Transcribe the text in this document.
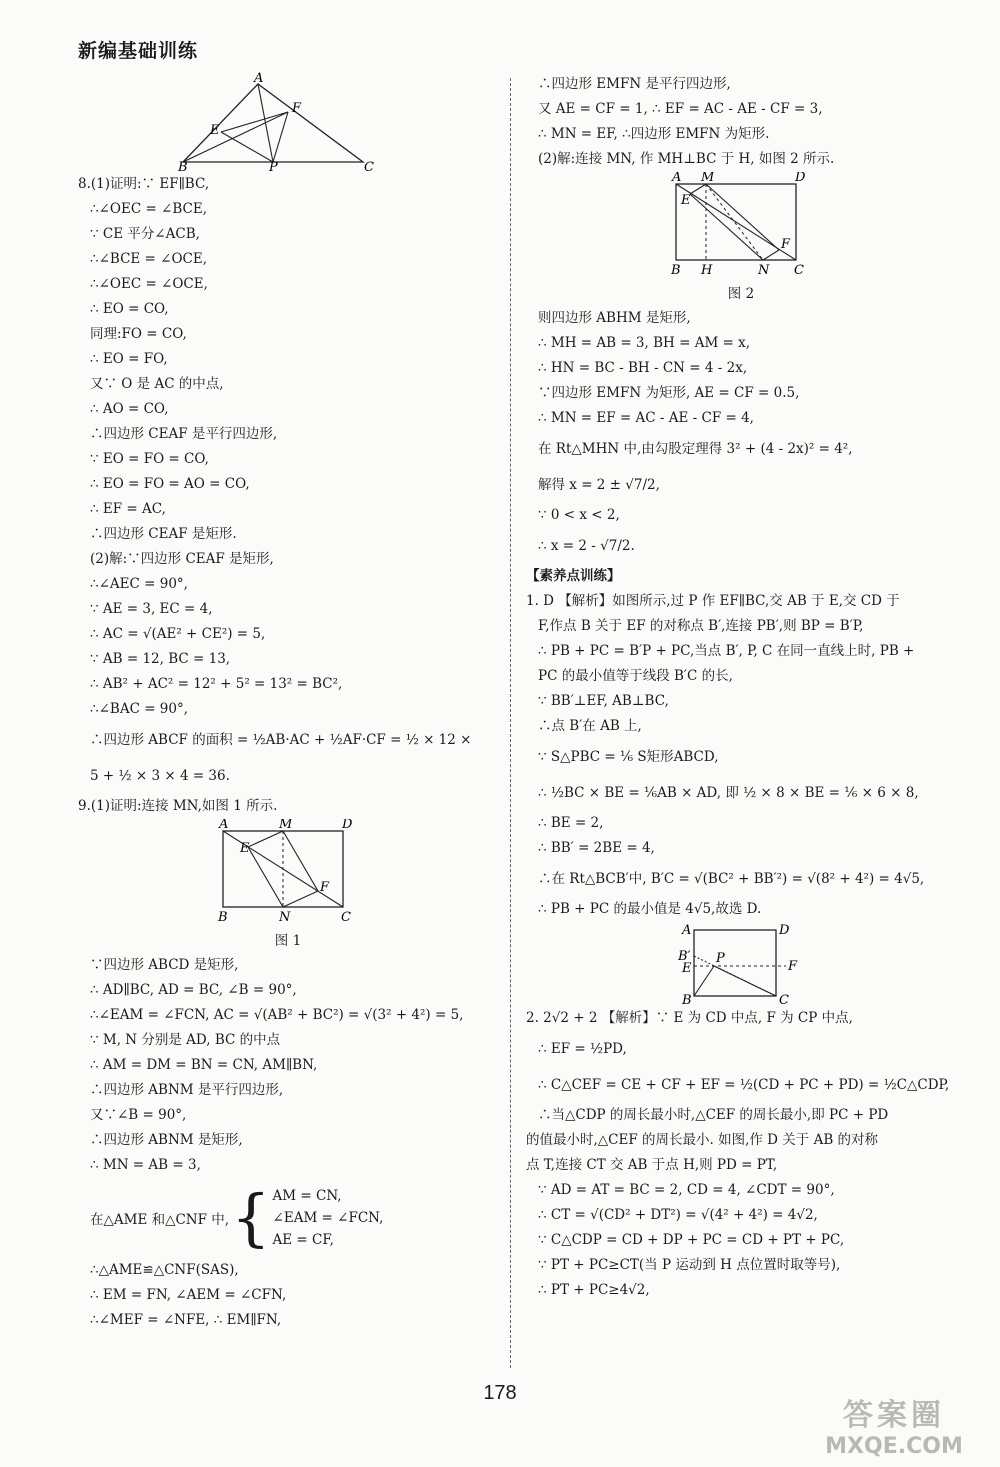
新编基础训练
A
F
E
B	P	C
8.(1)证明:∵ EF∥BC,
∴∠OEC = ∠BCE,
∵ CE 平分∠ACB,
∴∠BCE = ∠OCE,
∴∠OEC = ∠OCE,
∴ EO = CO,
同理:FO = CO,
∴ EO = FO,
又∵ O 是 AC 的中点,
∴ AO = CO,
∴四边形 CEAF 是平行四边形,
∵ EO = FO = CO,
∴ EO = FO = AO = CO,
∴ EF = AC,
∴四边形 CEAF 是矩形.
(2)解:∵四边形 CEAF 是矩形,
∴∠AEC = 90°,
∵ AE = 3, EC = 4,
∴ AC = √(AE² + CE²) = 5,
∵ AB = 12, BC = 13,
∴ AB² + AC² = 12² + 5² = 13² = BC²,
∴∠BAC = 90°,
∴四边形 ABCF 的面积 = ½AB·AC + ½AF·CF = ½ × 12 ×
5 + ½ × 3 × 4 = 36.
9.(1)证明:连接 MN,如图 1 所示.
A	M	D
E
F
B	N	C
图 1
∵四边形 ABCD 是矩形,
∴ AD∥BC, AD = BC, ∠B = 90°,
∴∠EAM = ∠FCN, AC = √(AB² + BC²) = √(3² + 4²) = 5,
∵ M, N 分别是 AD, BC 的中点
∴ AM = DM = BN = CN, AM∥BN,
∴四边形 ABNM 是平行四边形,
又∵∠B = 90°,
∴四边形 ABNM 是矩形,
∴ MN = AB = 3,
在△AME 和△CNF 中, { AM = CN,
∠EAM = ∠FCN,
AE = CF,
∴△AME≌△CNF(SAS),
∴ EM = FN, ∠AEM = ∠CFN,
∴∠MEF = ∠NFE, ∴ EM∥FN,
∴四边形 EMFN 是平行四边形,
又 AE = CF = 1, ∴ EF = AC - AE - CF = 3,
∴ MN = EF, ∴四边形 EMFN 为矩形.
(2)解:连接 MN, 作 MH⊥BC 于 H, 如图 2 所示.
A M	D
E
F
B H	N C
图 2
则四边形 ABHM 是矩形,
∴ MH = AB = 3, BH = AM = x,
∴ HN = BC - BH - CN = 4 - 2x,
∵四边形 EMFN 为矩形, AE = CF = 0.5,
∴ MN = EF = AC - AE - CF = 4,
在 Rt△MHN 中,由勾股定理得 3² + (4 - 2x)² = 4²,
解得 x = 2 ± √7/2,
∵ 0 < x < 2,
∴ x = 2 - √7/2.
【素养点训练】
1. D 【解析】如图所示,过 P 作 EF∥BC,交 AB 于 E,交 CD 于
F,作点 B 关于 EF 的对称点 B′,连接 PB′,则 BP = B′P,
∴ PB + PC = B′P + PC,当点 B′, P, C 在同一直线上时, PB +
PC 的最小值等于线段 B′C 的长,
∵ BB′⊥EF, AB⊥BC,
∴点 B′在 AB 上,
∵ S△PBC = ⅙ S矩形ABCD,
∴ ½BC × BE = ⅙AB × AD, 即 ½ × 8 × BE = ⅙ × 6 × 8,
∴ BE = 2,
∴ BB′ = 2BE = 4,
∴在 Rt△BCB′中, B′C = √(BC² + BB′²) = √(8² + 4²) = 4√5,
∴ PB + PC 的最小值是 4√5,故选 D.
A	D
B′
E
P
F
B	C
2. 2√2 + 2 【解析】∵ E 为 CD 中点, F 为 CP 中点,
∴ EF = ½PD,
∴ C△CEF = CE + CF + EF = ½(CD + PC + PD) = ½C△CDP,
∴当△CDP 的周长最小时,△CEF 的周长最小,即 PC + PD
的值最小时,△CEF 的周长最小. 如图,作 D 关于 AB 的对称
点 T,连接 CT 交 AB 于点 H,则 PD = PT,
∵ AD = AT = BC = 2, CD = 4, ∠CDT = 90°,
∴ CT = √(CD² + DT²) = √(4² + 4²) = 4√2,
∵ C△CDP = CD + DP + PC = CD + PT + PC,
∵ PT + PC≥CT(当 P 运动到 H 点位置时取等号),
∴ PT + PC≥4√2,
178
答案圈
MXQE.COM
